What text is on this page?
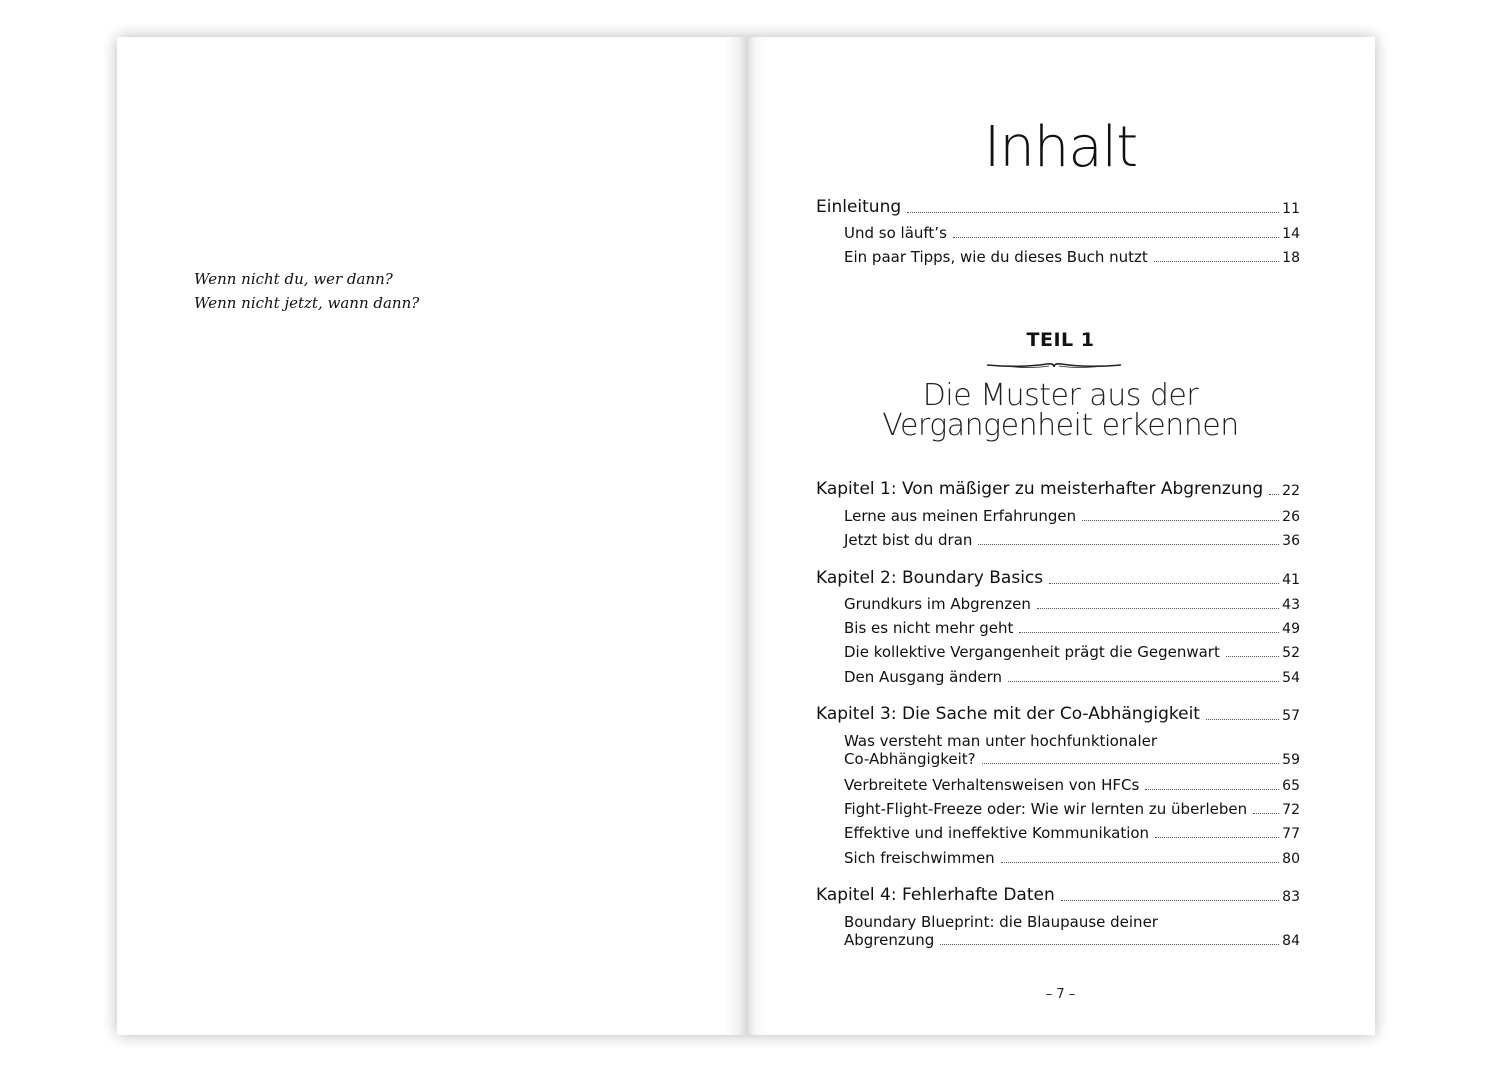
Wenn nicht du, wer dann?
Wenn nicht jetzt, wann dann?
Inhalt
Einleitung	11
Und so läuft’s	14
Ein paar Tipps, wie du dieses Buch nutzt	18
TEIL 1
Die Muster aus der
Vergangenheit erkennen
Kapitel 1: Von mäßiger zu meisterhafter Abgrenzung 22
Lerne aus meinen Erfahrungen	26
Jetzt bist du dran	36
Kapitel 2: Boundary Basics	41
Grundkurs im Abgrenzen	43
Bis es nicht mehr geht	49
Die kollektive Vergangenheit prägt die Gegenwart	52
Den Ausgang ändern	54
Kapitel 3: Die Sache mit der Co-Abhängigkeit	57
Was versteht man unter hochfunktionaler
Co-Abhängigkeit?	59
Verbreitete Verhaltensweisen von HFCs	65
Fight-Flight-Freeze oder: Wie wir lernten zu überleben	72
Effektive und ineffektive Kommunikation	77
Sich freischwimmen	80
Kapitel 4: Fehlerhafte Daten	83
Boundary Blueprint: die Blaupause deiner
Abgrenzung	84
– 7 –
